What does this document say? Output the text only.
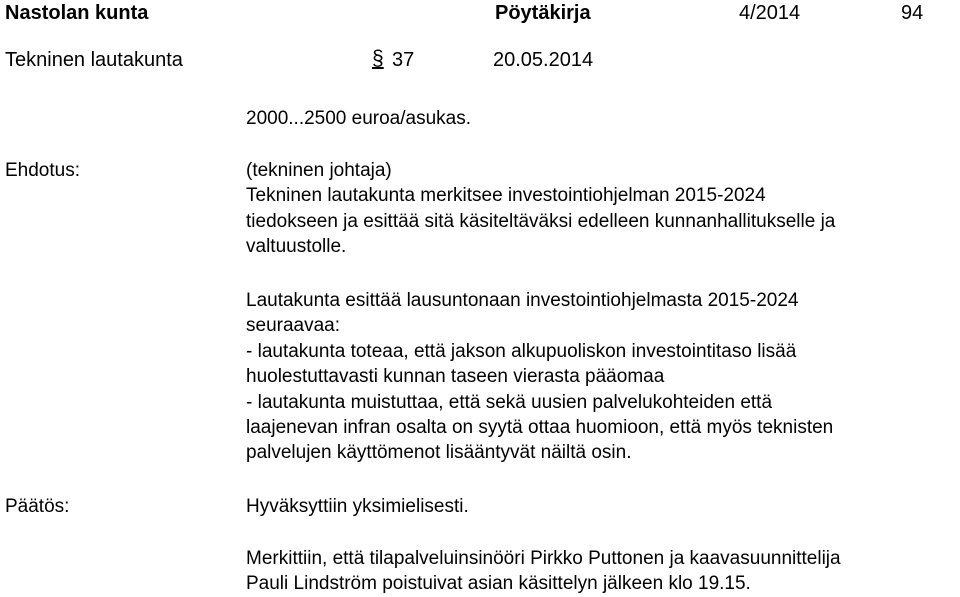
Nastolan kunta	Pöytäkirja	4/2014	94
Tekninen lautakunta	§ 37	20.05.2014
2000...2500 euroa/asukas.
Ehdotus:	(tekninen johtaja)
Tekninen lautakunta merkitsee investointiohjelman 2015-2024
tiedokseen ja esittää sitä käsiteltäväksi edelleen kunnanhallitukselle ja
valtuustolle.
Lautakunta esittää lausuntonaan investointiohjelmasta 2015-2024
seuraavaa:
- lautakunta toteaa, että jakson alkupuoliskon investointitaso lisää
huolestuttavasti kunnan taseen vierasta pääomaa
- lautakunta muistuttaa, että sekä uusien palvelukohteiden että
laajenevan infran osalta on syytä ottaa huomioon, että myös teknisten
palvelujen käyttömenot lisääntyvät näiltä osin.
Päätös:	Hyväksyttiin yksimielisesti.
Merkittiin, että tilapalveluinsinööri Pirkko Puttonen ja kaavasuunnittelija
Pauli Lindström poistuivat asian käsittelyn jälkeen klo 19.15.
